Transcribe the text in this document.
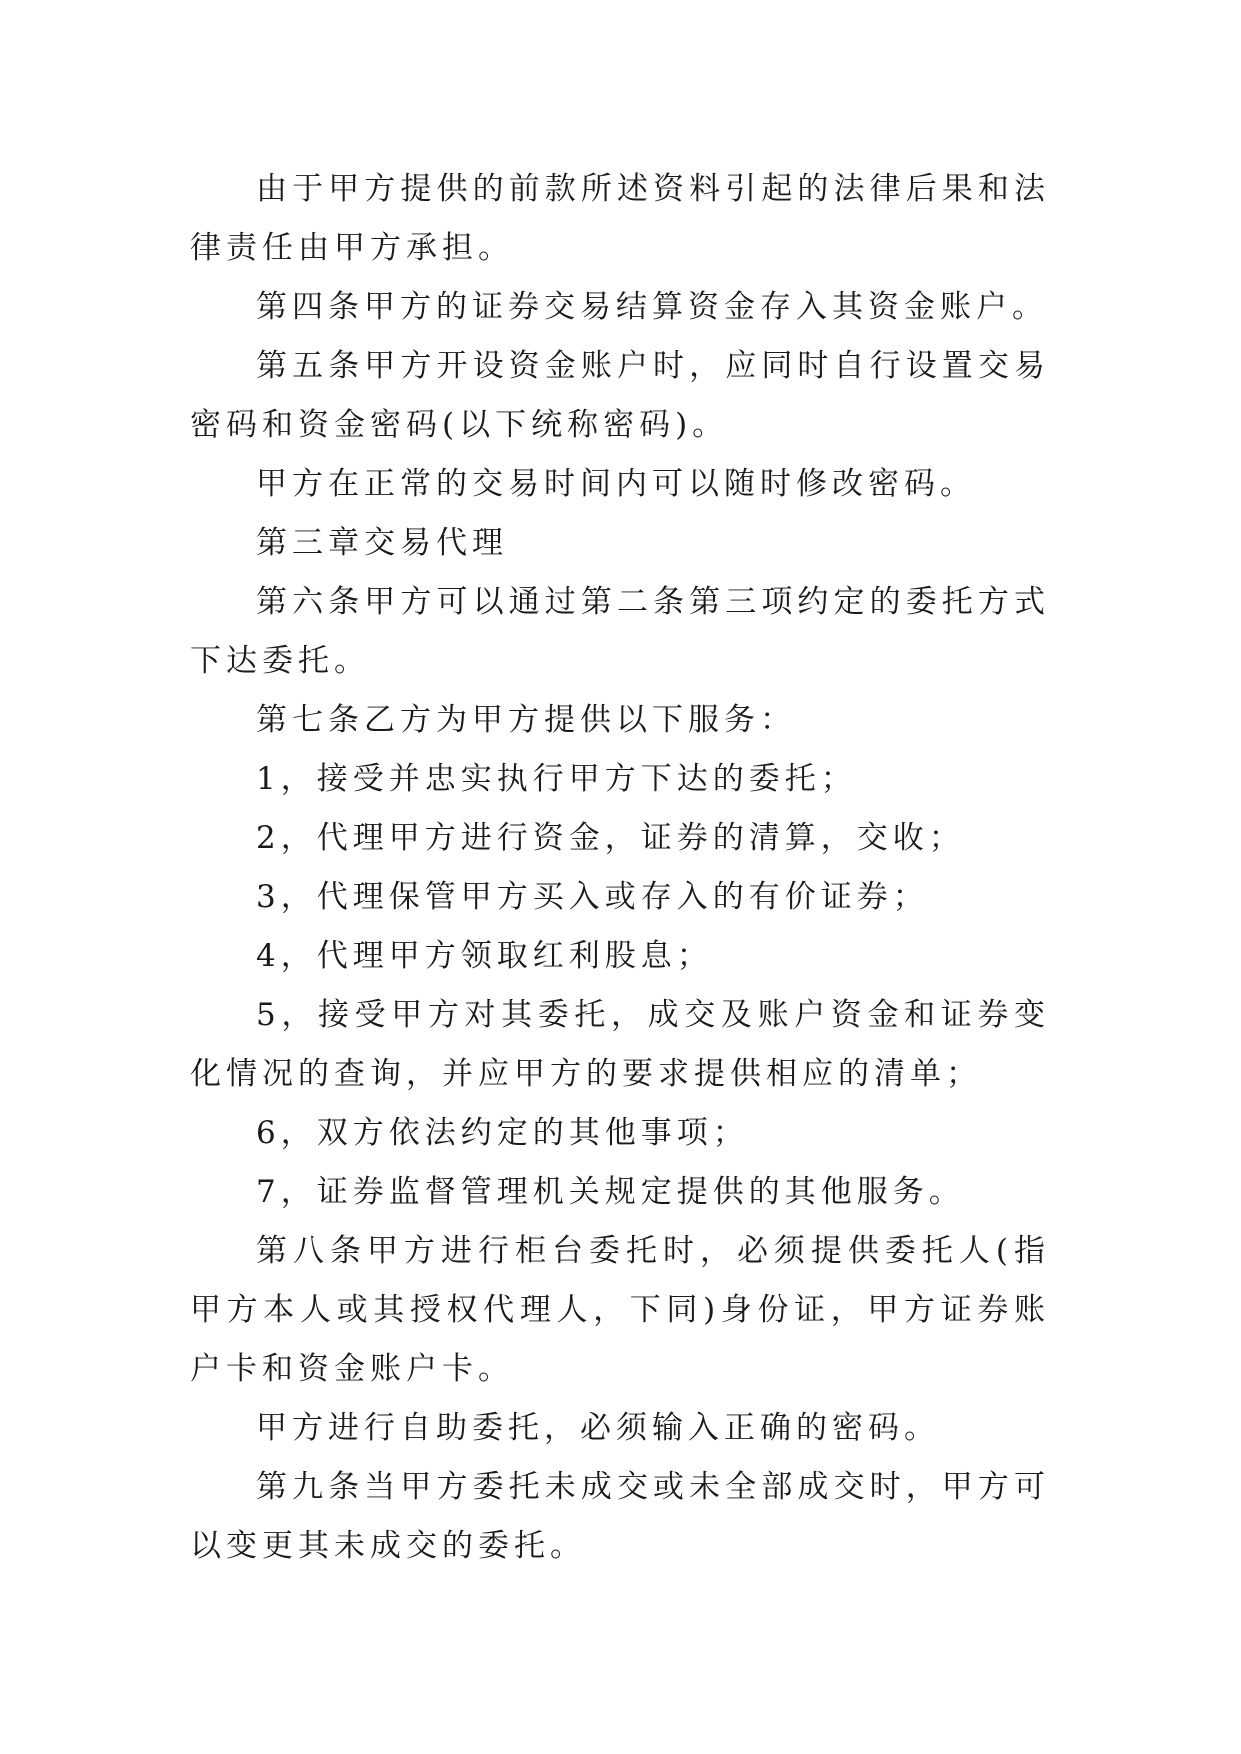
由于甲方提供的前款所述资料引起的法律后果和法律责任由甲方承担。

第四条甲方的证券交易结算资金存入其资金账户。

第五条甲方开设资金账户时，应同时自行设置交易密码和资金密码(以下统称密码)。

甲方在正常的交易时间内可以随时修改密码。

第三章交易代理

第六条甲方可以通过第二条第三项约定的委托方式下达委托。

第七条乙方为甲方提供以下服务：

1，接受并忠实执行甲方下达的委托；

2，代理甲方进行资金，证券的清算，交收；

3，代理保管甲方买入或存入的有价证券；

4，代理甲方领取红利股息；

5，接受甲方对其委托，成交及账户资金和证券变化情况的查询，并应甲方的要求提供相应的清单；

6，双方依法约定的其他事项；

7，证券监督管理机关规定提供的其他服务。

第八条甲方进行柜台委托时，必须提供委托人(指甲方本人或其授权代理人，下同)身份证，甲方证券账户卡和资金账户卡。

甲方进行自助委托，必须输入正确的密码。

第九条当甲方委托未成交或未全部成交时，甲方可以变更其未成交的委托。
